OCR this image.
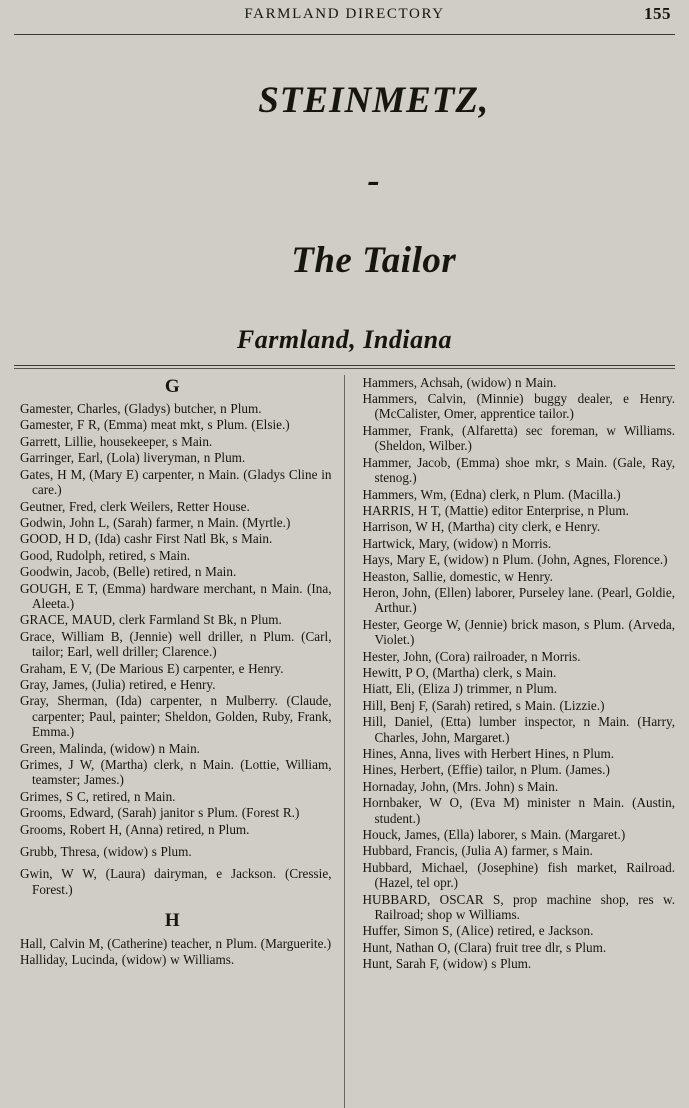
FARMLAND DIRECTORY	155

STEINMETZ,

-

The Tailor

Farmland, Indiana
G
Gamester, Charles, (Gladys) butcher, n Plum.
Gamester, F R, (Emma) meat mkt, s Plum. (Elsie.)
Garrett, Lillie, housekeeper, s Main.
Garringer, Earl, (Lola) liveryman, n Plum.
Gates, H M, (Mary E) carpenter, n Main. (Gladys Cline in care.)
Geutner, Fred, clerk Weilers, Retter House.
Godwin, John L, (Sarah) farmer, n Main. (Myrtle.)
GOOD, H D, (Ida) cashr First Natl Bk, s Main.
Good, Rudolph, retired, s Main.
Goodwin, Jacob, (Belle) retired, n Main.
GOUGH, E T, (Emma) hardware merchant, n Main. (Ina, Aleeta.)
GRACE, MAUD, clerk Farmland St Bk, n Plum.
Grace, William B, (Jennie) well driller, n Plum. (Carl, tailor; Earl, well driller; Clarence.)
Graham, E V, (De Marious E) carpenter, e Henry.
Gray, James, (Julia) retired, e Henry.
Gray, Sherman, (Ida) carpenter, n Mulberry. (Claude, carpenter; Paul, painter; Sheldon, Golden, Ruby, Frank, Emma.)
Green, Malinda, (widow) n Main.
Grimes, J W, (Martha) clerk, n Main. (Lottie, William, teamster; James.)
Grimes, S C, retired, n Main.
Grooms, Edward, (Sarah) janitor s Plum. (Forest R.)
Grooms, Robert H, (Anna) retired, n Plum.
Grubb, Thresa, (widow) s Plum.
Gwin, W W, (Laura) dairyman, e Jackson. (Cressie, Forest.)
H
Hall, Calvin M, (Catherine) teacher, n Plum. (Marguerite.)
Halliday, Lucinda, (widow) w Williams.
Hammers, Achsah, (widow) n Main.
Hammers, Calvin, (Minnie) buggy dealer, e Henry. (McCalister, Omer, apprentice tailor.)
Hammer, Frank, (Alfaretta) sec foreman, w Williams. (Sheldon, Wilber.)
Hammer, Jacob, (Emma) shoe mkr, s Main. (Gale, Ray, stenog.)
Hammers, Wm, (Edna) clerk, n Plum. (Macilla.)
HARRIS, H T, (Mattie) editor Enterprise, n Plum.
Harrison, W H, (Martha) city clerk, e Henry.
Hartwick, Mary, (widow) n Morris.
Hays, Mary E, (widow) n Plum. (John, Agnes, Florence.)
Heaston, Sallie, domestic, w Henry.
Heron, John, (Ellen) laborer, Purseley lane. (Pearl, Goldie, Arthur.)
Hester, George W, (Jennie) brick mason, s Plum. (Arveda, Violet.)
Hester, John, (Cora) railroader, n Morris.
Hewitt, P O, (Martha) clerk, s Main.
Hiatt, Eli, (Eliza J) trimmer, n Plum.
Hill, Benj F, (Sarah) retired, s Main. (Lizzie.)
Hill, Daniel, (Etta) lumber inspector, n Main. (Harry, Charles, John, Margaret.)
Hines, Anna, lives with Herbert Hines, n Plum.
Hines, Herbert, (Effie) tailor, n Plum. (James.)
Hornaday, John, (Mrs. John) s Main.
Hornbaker, W O, (Eva M) minister n Main. (Austin, student.)
Houck, James, (Ella) laborer, s Main. (Margaret.)
Hubbard, Francis, (Julia A) farmer, s Main.
Hubbard, Michael, (Josephine) fish market, Railroad. (Hazel, tel opr.)
HUBBARD, OSCAR S, prop machine shop, res w. Railroad; shop w Williams.
Huffer, Simon S, (Alice) retired, e Jackson.
Hunt, Nathan O, (Clara) fruit tree dlr, s Plum.
Hunt, Sarah F, (widow) s Plum.
